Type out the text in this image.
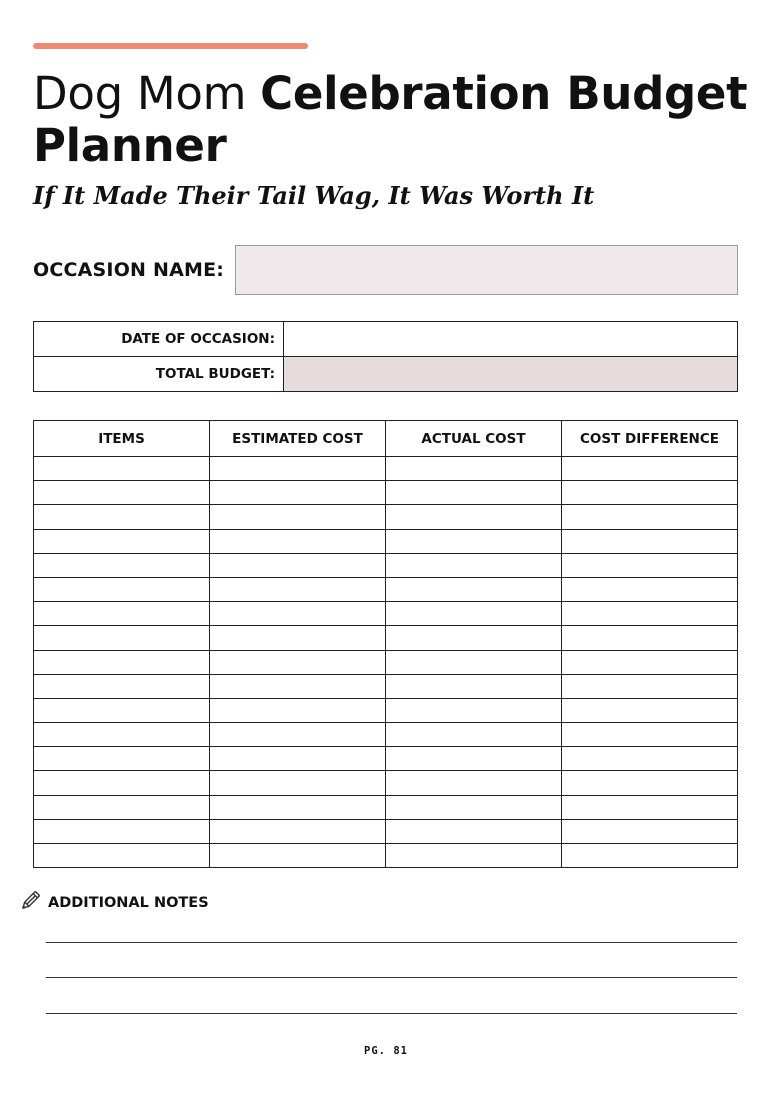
Dog Mom Celebration Budget Planner
If It Made Their Tail Wag, It Was Worth It
OCCASION NAME:
DATE OF OCCASION:	
TOTAL BUDGET:	
ITEMS	ESTIMATED COST	ACTUAL COST	COST DIFFERENCE

ADDITIONAL NOTES
PG. 81
